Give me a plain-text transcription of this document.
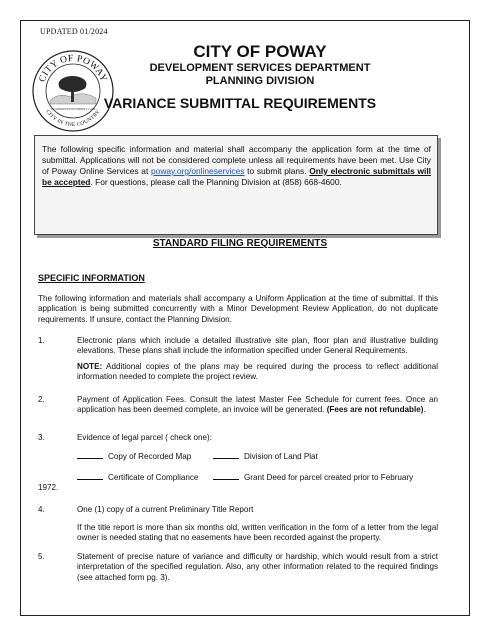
UPDATED 01/2024
CITY OF POWAY
CITY IN THE COUNTRY
INCORPORATED DECEMBER 12, 1980
CITY OF POWAY
DEVELOPMENT SERVICES DEPARTMENT
PLANNING DIVISION
VARIANCE SUBMITTAL REQUIREMENTS
The following specific information and material shall accompany the application form at the time of submittal. Applications will not be considered complete unless all requirements have been met. Use City of Poway Online Services at poway.org/onlineservices to submit plans. Only electronic submittals will be accepted. For questions, please call the Planning Division at (858) 668-4600.
STANDARD FILING REQUIREMENTS
SPECIFIC INFORMATION
The following information and materials shall accompany a Uniform Application at the time of submittal. If this application is being submitted concurrently with a Minor Development Review Application, do not duplicate requirements. If unsure, contact the Planning Division.
1.	Electronic plans which include a detailed illustrative site plan, floor plan and illustrative building elevations. These plans shall include the information specified under General Requirements.
NOTE: Additional copies of the plans may be required during the process to reflect additional information needed to complete the project review.
2.	Payment of Application Fees. Consult the latest Master Fee Schedule for current fees. Once an application has been deemed complete, an invoice will be generated. (Fees are not refundable).
3.	Evidence of legal parcel ( check one):
Copy of Recorded Map	Division of Land Plat
Certificate of Compliance	Grant Deed for parcel created prior to February
1972.
4.	One (1) copy of a current Preliminary Title Report
If the title report is more than six months old, written verification in the form of a letter from the legal owner is needed stating that no easements have been recorded against the property.
5.	Statement of precise nature of variance and difficulty or hardship, which would result from a strict interpretation of the specified regulation. Also, any other information related to the required findings (see attached form pg. 3).
